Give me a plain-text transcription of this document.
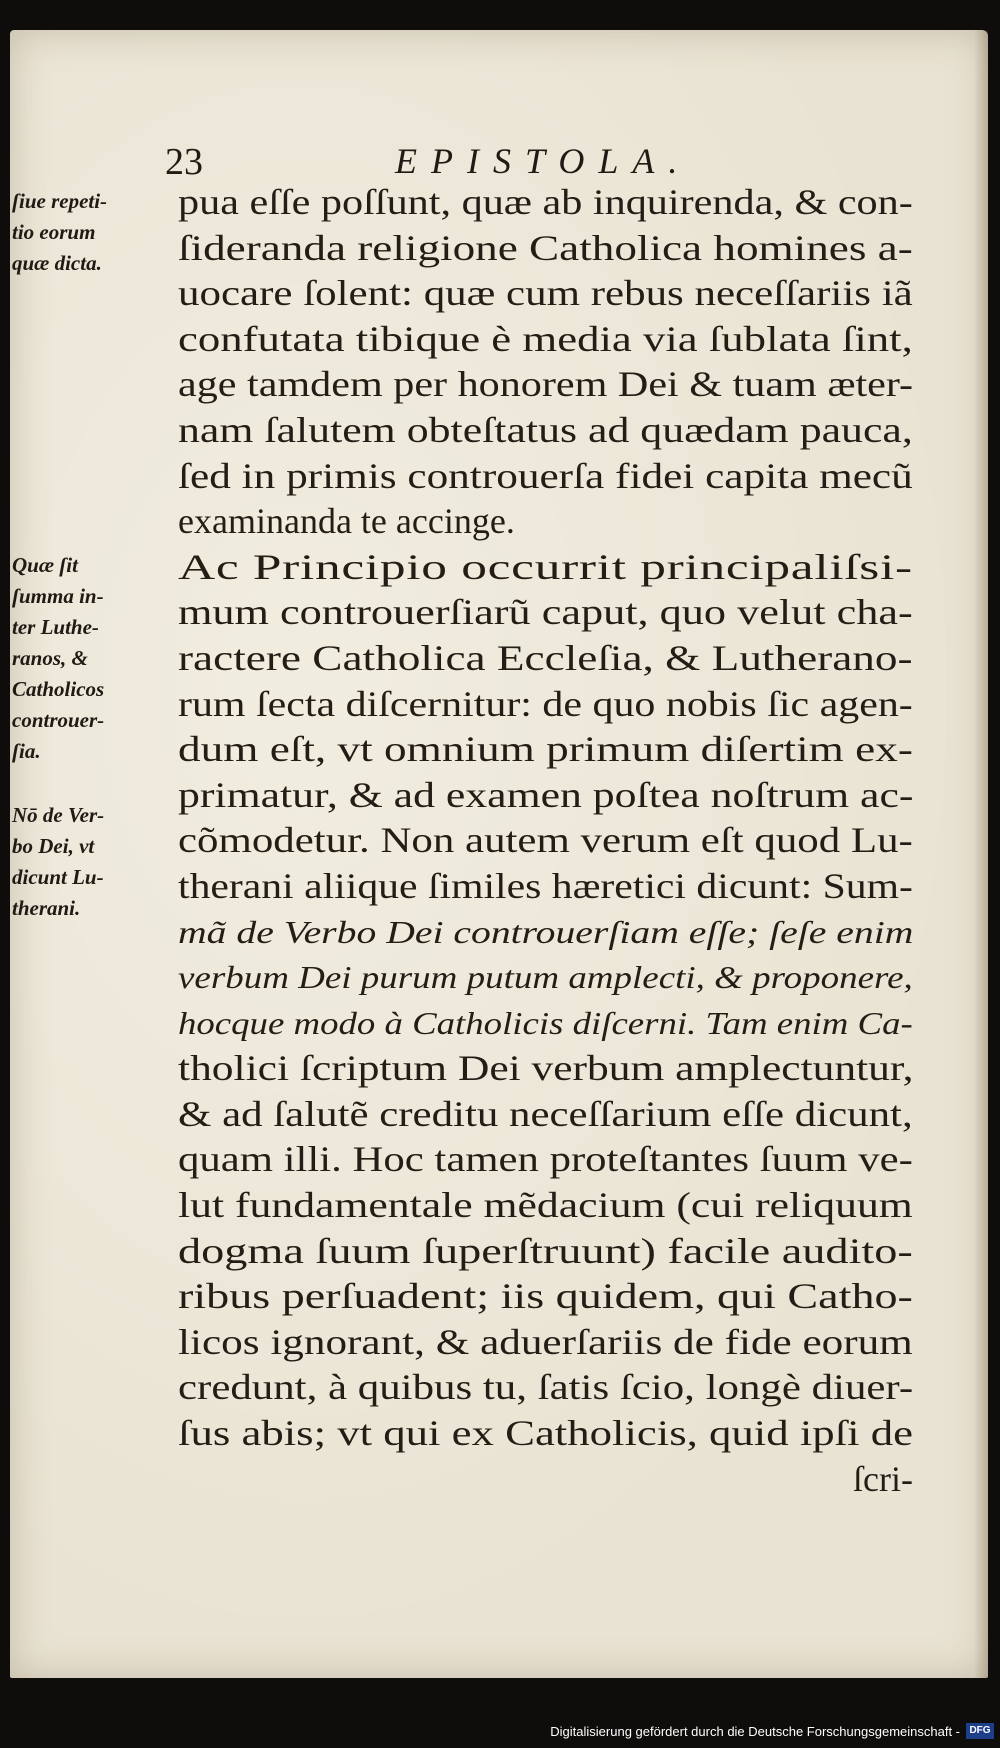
23	EPISTOLA.

ſiue repeti-
tio eorum
quæ dicta.

Quæ ſit
ſumma in-
ter Luthe-
ranos, &
Catholicos
controuer-
ſia.

Nō de Ver-
bo Dei, vt
dicunt Lu-
therani.

pua eſſe poſſunt, quæ ab inquirenda, & con-
ſideranda religione Catholica homines a-
uocare ſolent: quæ cum rebus neceſſariis iã
confutata tibique è media via ſublata ſint,
age tamdem per honorem Dei & tuam æter-
nam ſalutem obteſtatus ad quædam pauca,
ſed in primis controuerſa fidei capita mecũ
examinanda te accinge.
Ac Principio occurrit principaliſsi-
mum controuerſiarũ caput, quo velut cha-
ractere Catholica Eccleſia, & Lutherano-
rum ſecta diſcernitur: de quo nobis ſic agen-
dum eſt, vt omnium primum diſertim ex-
primatur, & ad examen poſtea noſtrum ac-
cõmodetur. Non autem verum eſt quod Lu-
therani aliique ſimiles hæretici dicunt: Sum-
mã de Verbo Dei controuerſiam eſſe; ſeſe enim
verbum Dei purum putum amplecti, & proponere,
hocque modo à Catholicis diſcerni. Tam enim Ca-
tholici ſcriptum Dei verbum amplectuntur,
& ad ſalutẽ creditu neceſſarium eſſe dicunt,
quam illi. Hoc tamen proteſtantes ſuum ve-
lut fundamentale mẽdacium (cui reliquum
dogma ſuum ſuperſtruunt) facile audito-
ribus perſuadent; iis quidem, qui Catho-
licos ignorant, & aduerſariis de fide eorum
credunt, à quibus tu, ſatis ſcio, longè diuer-
ſus abis; vt qui ex Catholicis, quid ipſi de
ſcri-
Digitalisierung gefördert durch die Deutsche Forschungsgemeinschaft - DFG
